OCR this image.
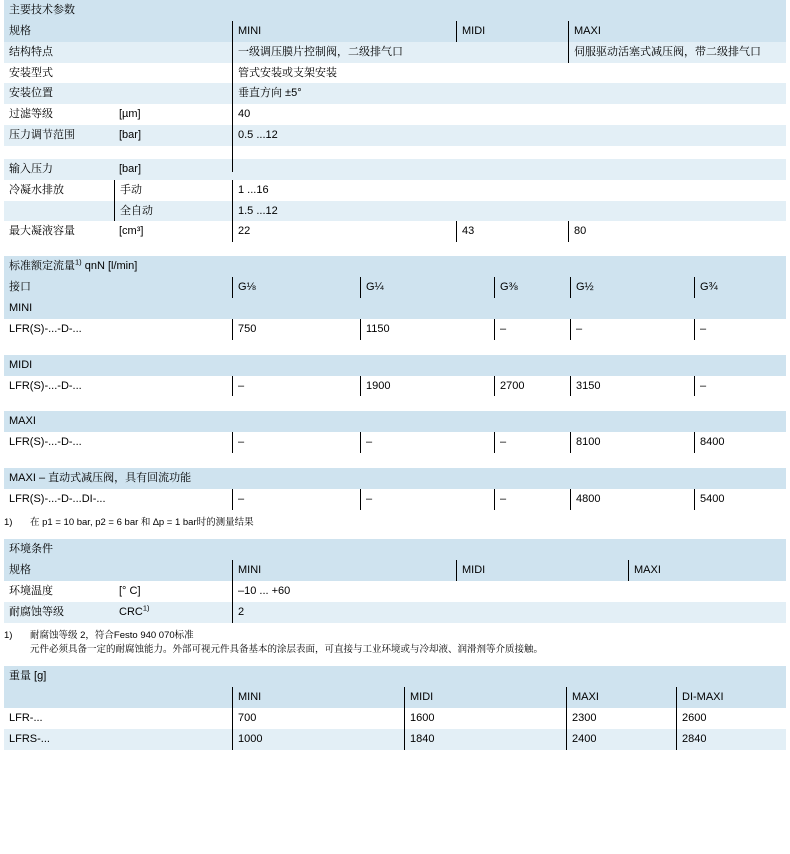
主要技术参数				
规格		MINI	MIDI	MAXI

结构特点		一级调压膜片控制阀，二级排气口		伺服驱动活塞式减压阀，带二级排气口

安装型式		管式安装或支架安装		

安装位置		垂直方向 ±5°		

过滤等级	[µm]	40		

压力调节范围	[bar]	0.5 ...12		

输入压力	[bar]			

冷凝水排放	手动	1 ...16		

	全自动	1.5 ...12		

最大凝液容量	[cm³]	22	43	80
标准额定流量$^{1)}$ qnN [l/min]					
接口	G⅛	G¼	G⅜	G½	G¾

MINI					
LFR(S)-...-D-...	750	1150	–	–	–

MIDI					
LFR(S)-...-D-...	–	1900	2700	3150	–

MAXI					
LFR(S)-...-D-...	–	–	–	8100	8400

MAXI – 直动式减压阀，具有回流功能					
LFR(S)-...-D-...DI-...	–	–	–	4800	5400
1)	在 p1 = 10 bar, p2 = 6 bar 和 ∆p = 1 bar时的测量结果
环境条件				
规格		MINI	MIDI	MAXI

环境温度	[° C]	–10 ... +60		

耐腐蚀等级	CRC$^{1)}$	2		
1)	耐腐蚀等级 2，符合Festo 940 070标准
元件必须具备一定的耐腐蚀能力。外部可视元件具备基本的涂层表面，可直接与工业环境或与冷却液、润滑剂等介质接触。
重量 [g]				

	MINI	MIDI	MAXI	DI-MAXI

LFR-...	700	1600	2300	2600

LFRS-...	1000	1840	2400	2840
